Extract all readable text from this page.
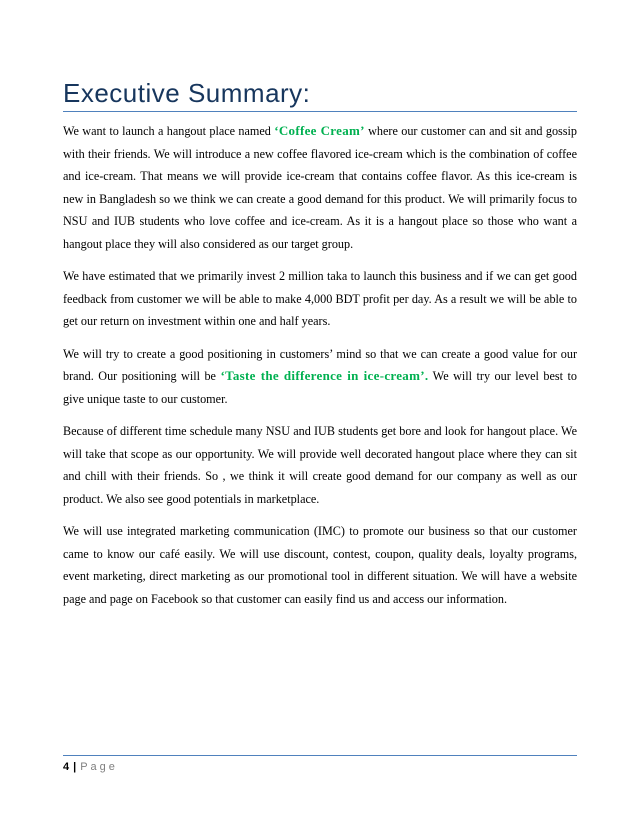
Executive Summary:

We want to launch a hangout place named ‘Coffee Cream’ where our customer can and sit and gossip with their friends. We will introduce a new coffee flavored ice-cream which is the combination of coffee and ice-cream. That means we will provide ice-cream that contains coffee flavor. As this ice-cream is new in Bangladesh so we think we can create a good demand for this product. We will primarily focus to NSU and IUB students who love coffee and ice-cream. As it is a hangout place so those who want a hangout place they will also considered as our target group.

We have estimated that we primarily invest 2 million taka to launch this business and if we can get good feedback from customer we will be able to make 4,000 BDT profit per day. As a result we will be able to get our return on investment within one and half years.

We will try to create a good positioning in customers’ mind so that we can create a good value for our brand. Our positioning will be ‘Taste the difference in ice-cream’. We will try our level best to give unique taste to our customer.

Because of different time schedule many NSU and IUB students get bore and look for hangout place. We will take that scope as our opportunity. We will provide well decorated hangout place where they can sit and chill with their friends. So , we think it will create good demand for our company as well as our product. We also see good potentials in marketplace.

We will use integrated marketing communication (IMC) to promote our business so that our customer came to know our café easily. We will use discount, contest, coupon, quality deals, loyalty programs, event marketing, direct marketing as our promotional tool in different situation. We will have a website page and page on Facebook so that customer can easily find us and access our information.

4 | Page
